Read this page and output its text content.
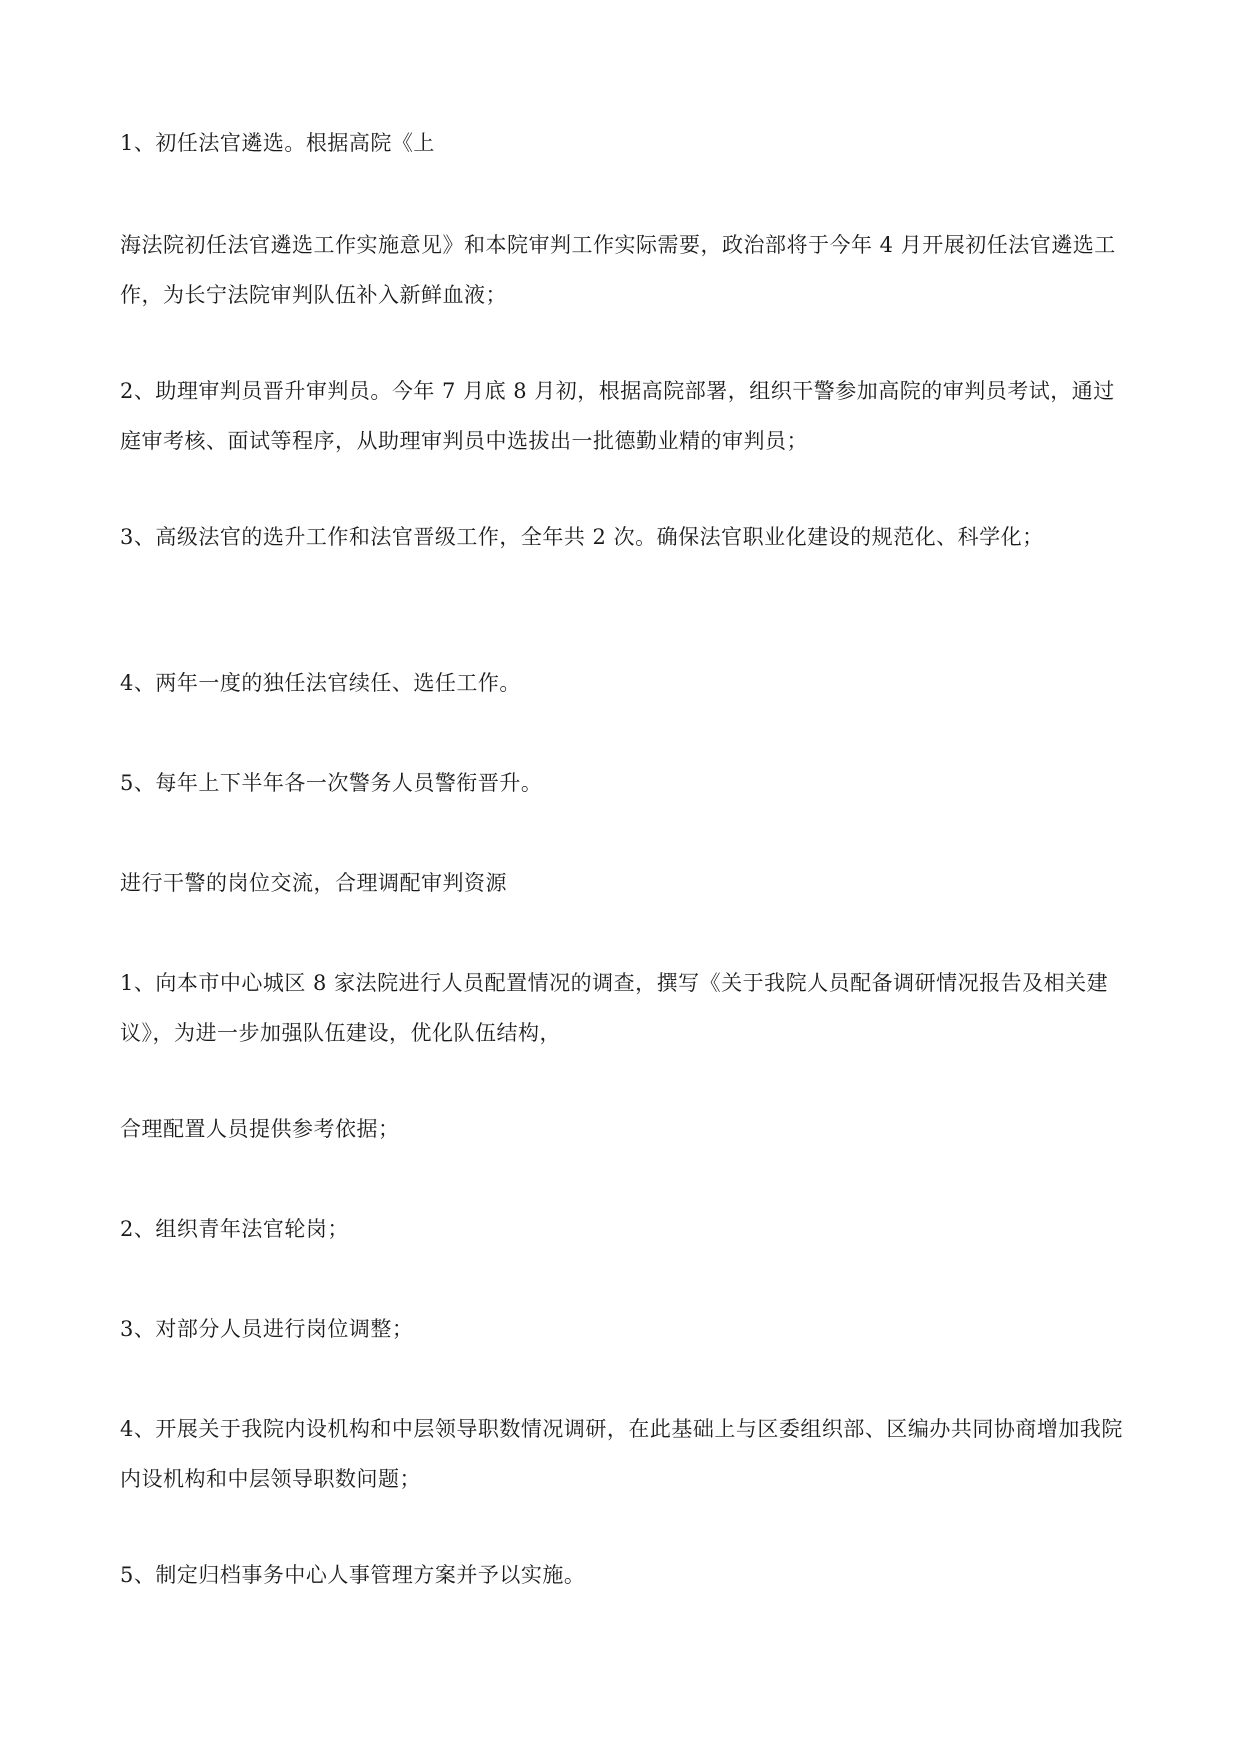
1、初任法官遴选。根据高院《上

海法院初任法官遴选工作实施意见》和本院审判工作实际需要，政治部将于今年 4 月开展初任法官遴选工作，为长宁法院审判队伍补入新鲜血液；

2、助理审判员晋升审判员。今年 7 月底 8 月初，根据高院部署，组织干警参加高院的审判员考试，通过庭审考核、面试等程序，从助理审判员中选拔出一批德勤业精的审判员；

3、高级法官的选升工作和法官晋级工作，全年共 2 次。确保法官职业化建设的规范化、科学化；

4、两年一度的独任法官续任、选任工作。

5、每年上下半年各一次警务人员警衔晋升。

进行干警的岗位交流，合理调配审判资源

1、向本市中心城区 8 家法院进行人员配置情况的调查，撰写《关于我院人员配备调研情况报告及相关建议》，为进一步加强队伍建设，优化队伍结构，

合理配置人员提供参考依据；

2、组织青年法官轮岗；

3、对部分人员进行岗位调整；

4、开展关于我院内设机构和中层领导职数情况调研，在此基础上与区委组织部、区编办共同协商增加我院内设机构和中层领导职数问题；

5、制定归档事务中心人事管理方案并予以实施。
